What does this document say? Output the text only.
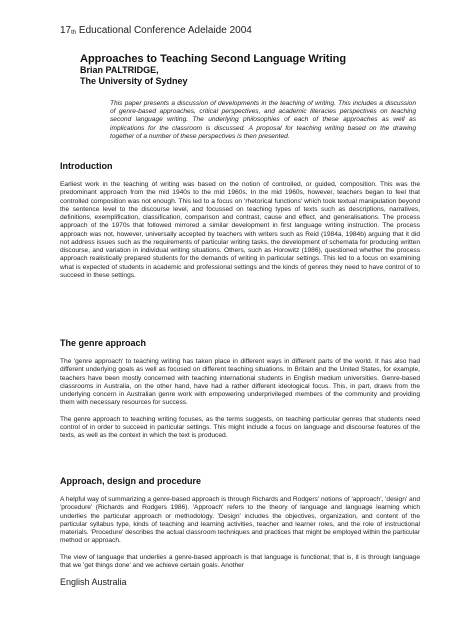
$17_{th}$ Educational Conference Adelaide 2004
Approaches to Teaching Second Language Writing
Brian PALTRIDGE,
The University of Sydney
This paper presents a discussion of developments in the teaching of writing. This includes a discussion of genre-based approaches, critical perspectives, and academic literacies perspectives on teaching second language writing. The underlying philosophies of each of these approaches as well as implications for the classroom is discussed. A proposal for teaching writing based on the drawing together of a number of these perspectives is then presented.
Introduction

Earliest work in the teaching of writing was based on the notion of controlled, or guided, composition. This was the predominant approach from the mid 1940s to the mid 1960s. In the mid 1960s, however, teachers began to feel that controlled composition was not enough. This led to a focus on 'rhetorical functions' which took textual manipulation beyond the sentence level to the discourse level, and focussed on teaching types of texts such as descriptions, narratives, definitions, exemplification, classification, comparison and contrast, cause and effect, and generalisations. The process approach of the 1970s that followed mirrored a similar development in first language writing instruction. The process approach was not, however, universally accepted by teachers with writers such as Reid (1984a, 1984b) arguing that it did not address issues such as the requirements of particular writing tasks, the development of schemata for producing written discourse, and variation in individual writing situations. Others, such as Horowitz (1986), questioned whether the process approach realistically prepared students for the demands of writing in particular settings. This led to a focus on examining what is expected of students in academic and professional settings and the kinds of genres they need to have control of to succeed in these settings.

The genre approach

The 'genre approach' to teaching writing has taken place in different ways in different parts of the world. It has also had different underlying goals as well as focused on different teaching situations. In Britain and the United States, for example, teachers have been mostly concerned with teaching international students in English medium universities. Genre-based classrooms in Australia, on the other hand, have had a rather different ideological focus. This, in part, draws from the underlying concern in Australian genre work with empowering underprivileged members of the community and providing them with necessary resources for success.

The genre approach to teaching writing focuses, as the terms suggests, on teaching particular genres that students need control of in order to succeed in particular settings. This might include a focus on language and discourse features of the texts, as well as the context in which the text is produced.

Approach, design and procedure

A helpful way of summarizing a genre-based approach is through Richards and Rodgers' notions of 'approach', 'design' and 'procedure' (Richards and Rodgers 1986). 'Approach' refers to the theory of language and language learning which underlies the particular approach or methodology. 'Design' includes the objectives, organization, and content of the particular syllabus type, kinds of teaching and learning activities, teacher and learner roles, and the role of instructional materials. 'Procedure' describes the actual classroom techniques and practices that might be employed within the particular method or approach.

The view of language that underlies a genre-based approach is that language is functional; that is, it is through language that we 'get things done' and we achieve certain goals. Another

English Australia
